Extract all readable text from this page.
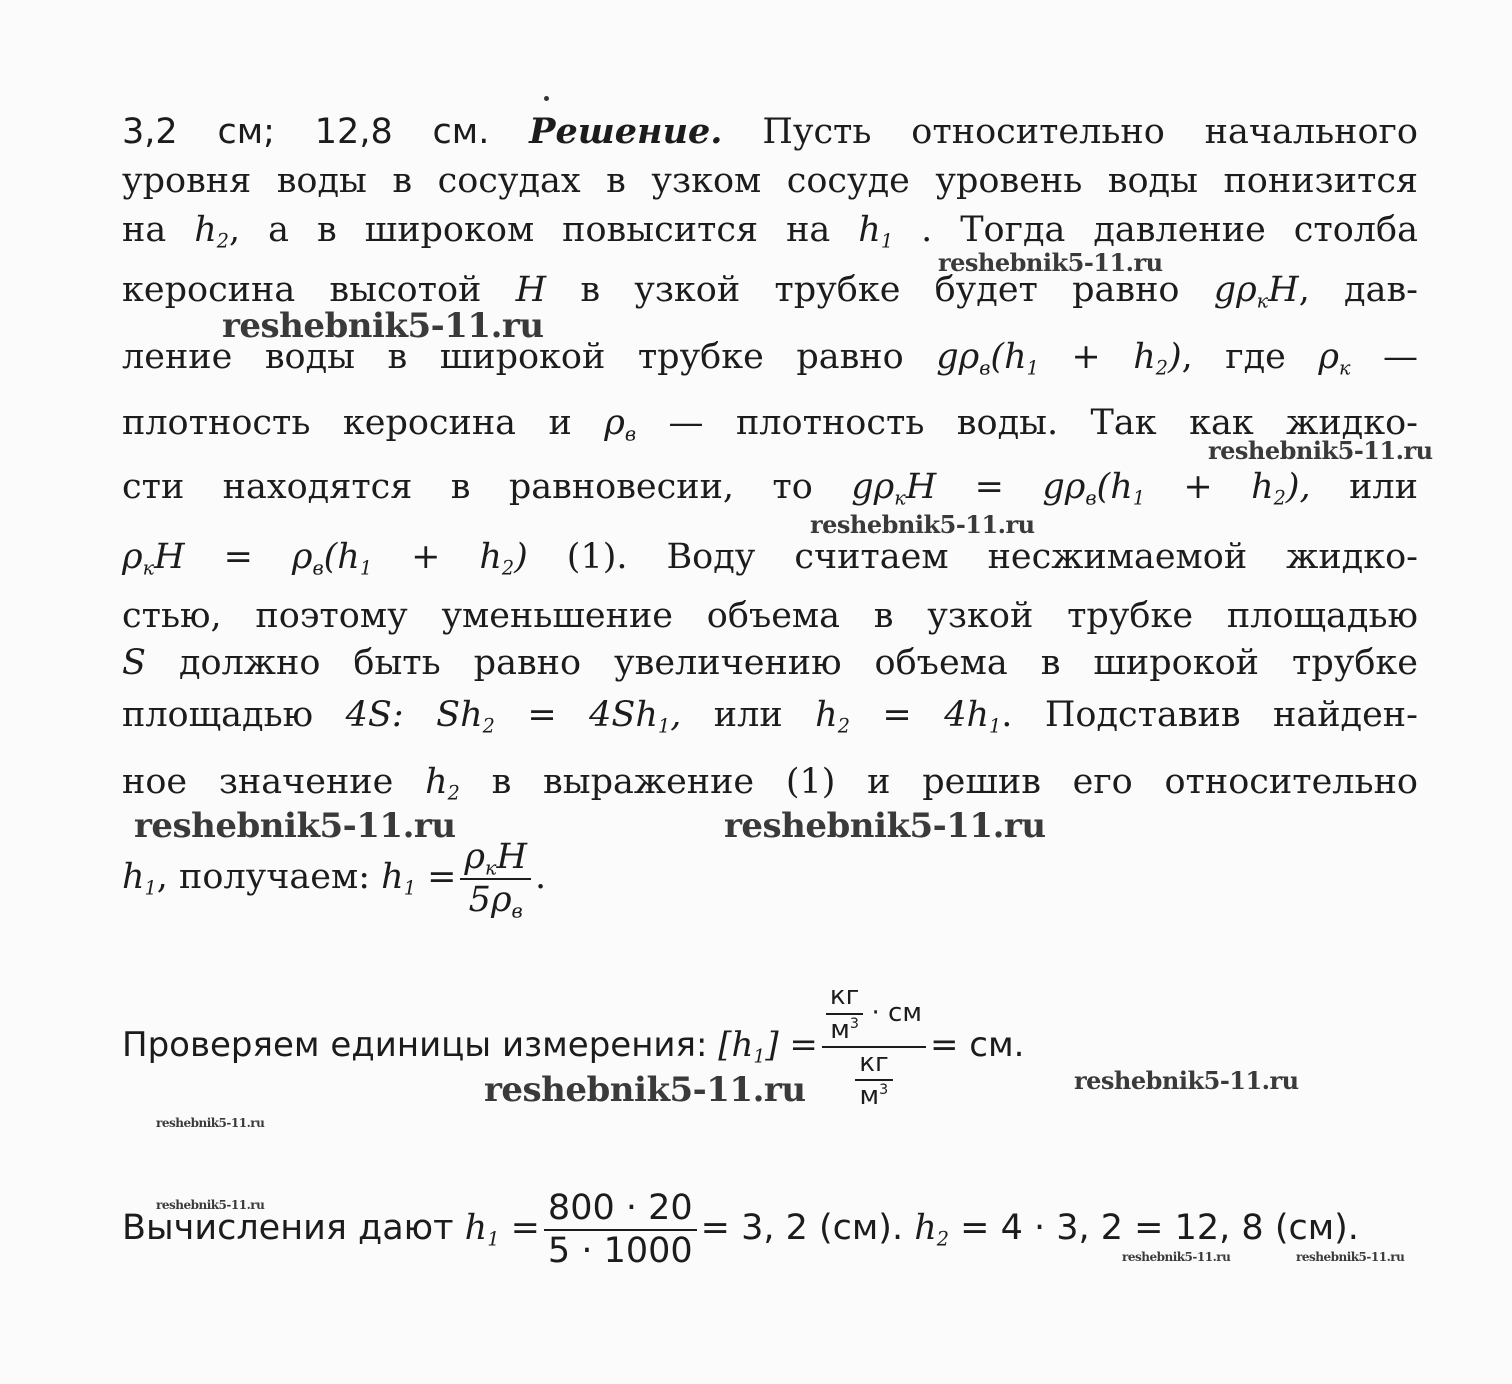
3,2 см; 12,8 см. Решение. Пусть относительно начального
уровня воды в сосудах в узком сосуде уровень воды понизится
на $h_2$, а в широком повысится на $h_1$ . Тогда давление столба
керосина высотой H в узкой трубке будет равно $g\rho_кH$, дав-
ление воды в широкой трубке равно $g\rho_в(h_1 + h_2)$, где $\rho_к$ —
плотность керосина и $\rho_в$ — плотность воды. Так как жидко-
сти находятся в равновесии, то $g\rho_кH = g\rho_в(h_1 + h_2)$, или
$\rho_кH = \rho_в(h_1 + h_2)$ (1). Воду считаем несжимаемой жидко-
стью, поэтому уменьшение объема в узкой трубке площадью
S должно быть равно увеличению объема в широкой трубке
площадью 4S: $Sh_2 = 4Sh_1$, или $h_2 = 4h_1$. Подставив найден-
ное значение $h_2$ в выражение (1) и решив его относительно
$h_1$, получаем: $h_1 = \frac{\rho_кH}{5\rho_в}$ .
Проверяем единицы измерения: $[h_1] = \frac{\frac{кг}{м^3} \cdot см}{\frac{кг}{м^3}}$ = см.
Вычисления дают $h_1 = \frac{800 \cdot 20}{5 \cdot 1000} = 3$, 2 (см). $h_2 = 4 \cdot 3$, 2 = 12, 8 (см).
reshebnik5-11.ru
reshebnik5-11.ru
reshebnik5-11.ru
reshebnik5-11.ru
reshebnik5-11.ru	reshebnik5-11.ru
reshebnik5-11.ru	reshebnik5-11.ru
reshebnik5-11.ru
reshebnik5-11.ru
reshebnik5-11.ru	reshebnik5-11.ru
